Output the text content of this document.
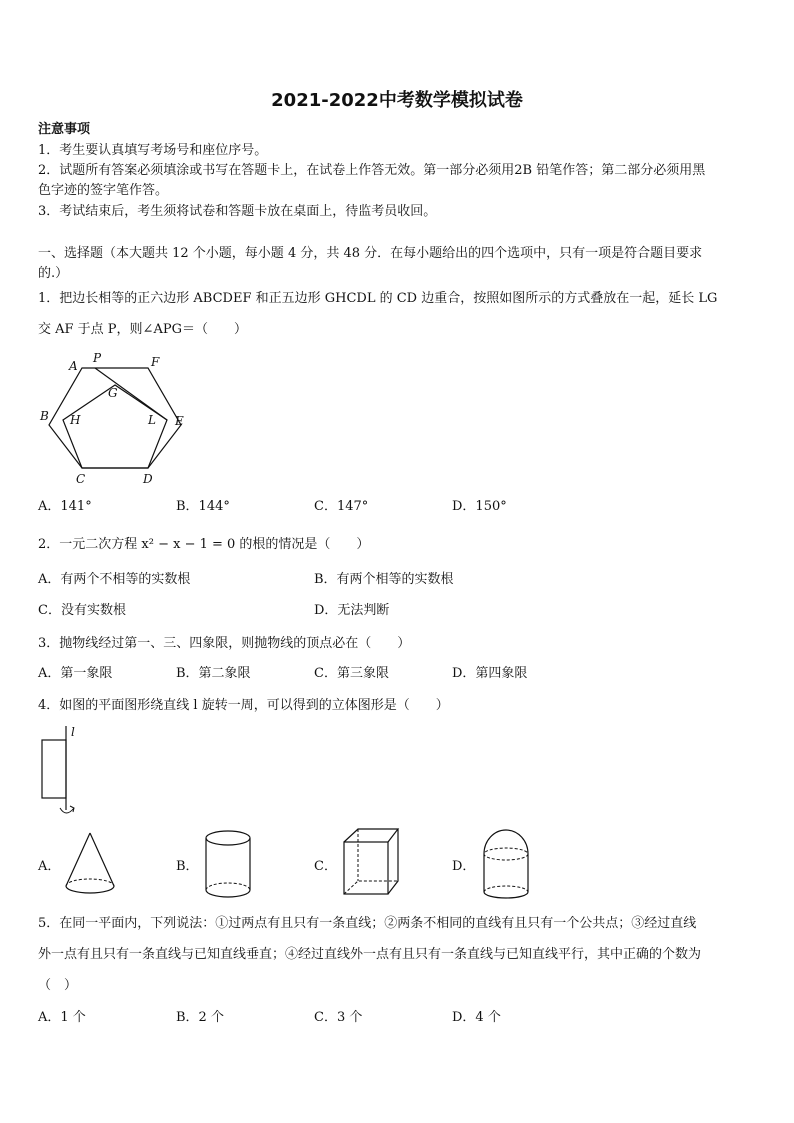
2021-2022中考数学模拟试卷
注意事项
1．考生要认真填写考场号和座位序号。
2．试题所有答案必须填涂或书写在答题卡上，在试卷上作答无效。第一部分必须用2B 铅笔作答；第二部分必须用黑
色字迹的签字笔作答。
3．考试结束后，考生须将试卷和答题卡放在桌面上，待监考员收回。
一、选择题（本大题共 12 个小题，每小题 4 分，共 48 分．在每小题给出的四个选项中，只有一项是符合题目要求
的.）
1．把边长相等的正六边形 ABCDEF 和正五边形 GHCDL 的 CD 边重合，按照如图所示的方式叠放在一起，延长 LG
交 AF 于点 P，则∠APG＝（　　）
A
P	F
G
B H	L E
C	D
A．141°	B．144°	C．147°	D．150°
2．一元二次方程 x² − x − 1 = 0 的根的情况是（　　）
A．有两个不相等的实数根	B．有两个相等的实数根
C．没有实数根	D．无法判断
3．抛物线经过第一、三、四象限，则抛物线的顶点必在（　　）
A．第一象限	B．第二象限	C．第三象限	D．第四象限
4．如图的平面图形绕直线 l 旋转一周，可以得到的立体图形是（　　）
l
A．	B．	C．	D．
5．在同一平面内，下列说法：①过两点有且只有一条直线；②两条不相同的直线有且只有一个公共点；③经过直线
外一点有且只有一条直线与已知直线垂直；④经过直线外一点有且只有一条直线与已知直线平行，其中正确的个数为
（　）
A．1 个	B．2 个	C．3 个	D．4 个
